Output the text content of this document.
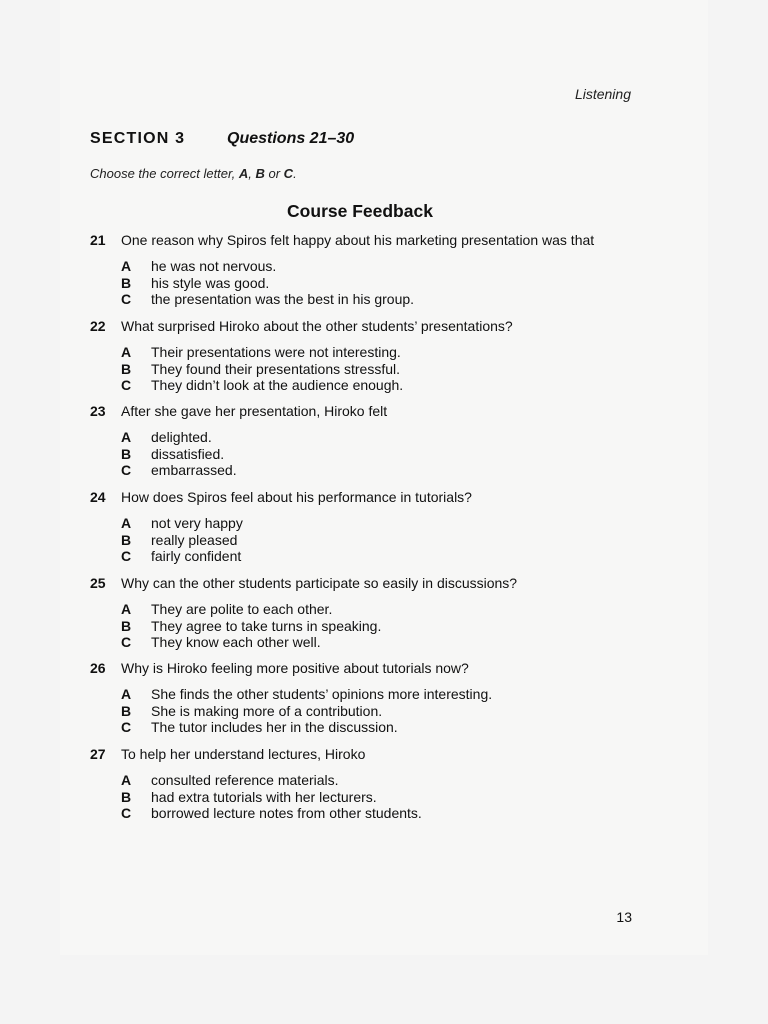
Listening
SECTION 3	Questions 21–30
Choose the correct letter, A, B or C.
Course Feedback
21	One reason why Spiros felt happy about his marketing presentation was that
A	he was not nervous.
B	his style was good.
C	the presentation was the best in his group.
22	What surprised Hiroko about the other students’ presentations?
A	Their presentations were not interesting.
B	They found their presentations stressful.
C	They didn’t look at the audience enough.
23	After she gave her presentation, Hiroko felt
A	delighted.
B	dissatisfied.
C	embarrassed.
24	How does Spiros feel about his performance in tutorials?
A	not very happy
B	really pleased
C	fairly confident
25	Why can the other students participate so easily in discussions?
A	They are polite to each other.
B	They agree to take turns in speaking.
C	They know each other well.
26	Why is Hiroko feeling more positive about tutorials now?
A	She finds the other students’ opinions more interesting.
B	She is making more of a contribution.
C	The tutor includes her in the discussion.
27	To help her understand lectures, Hiroko
A	consulted reference materials.
B	had extra tutorials with her lecturers.
C	borrowed lecture notes from other students.
13
